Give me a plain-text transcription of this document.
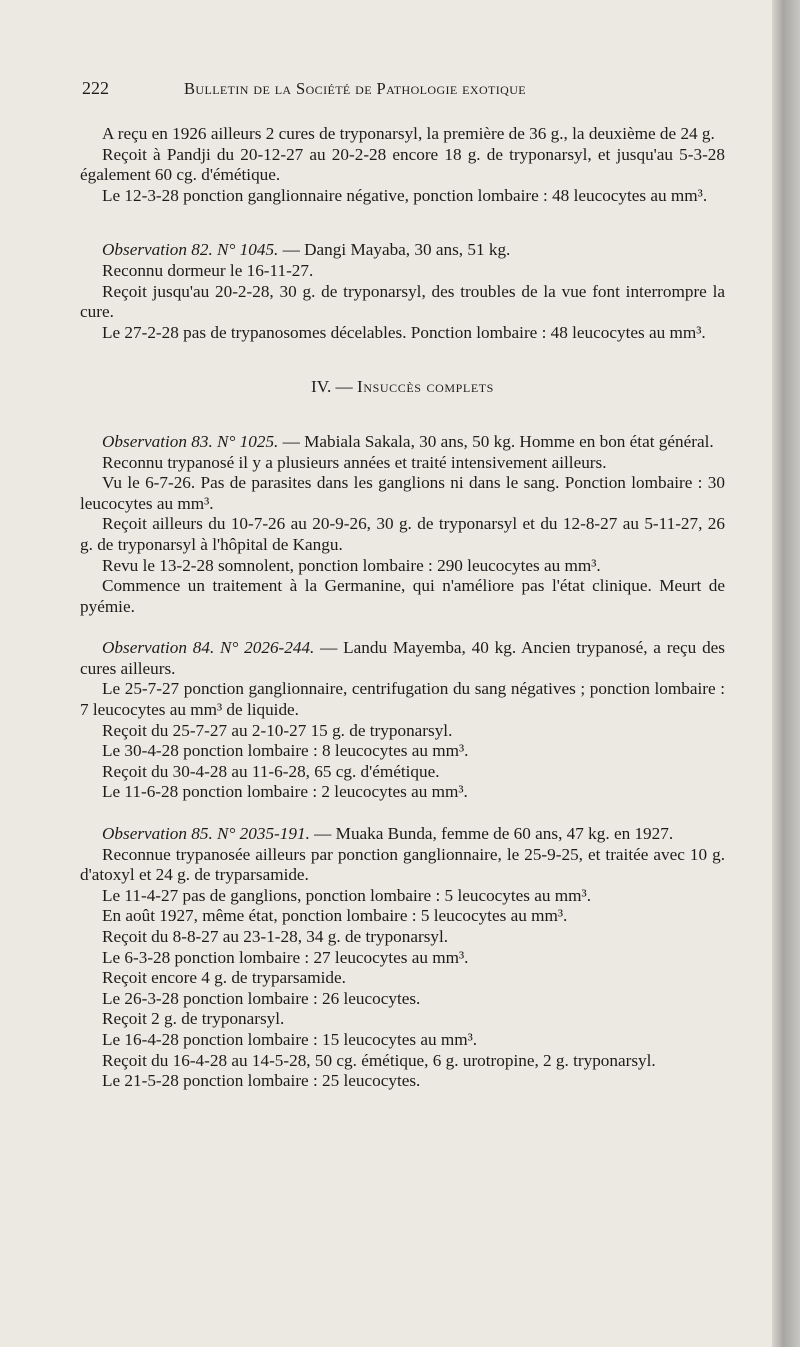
222	Bulletin de la Société de Pathologie exotique

A reçu en 1926 ailleurs 2 cures de tryponarsyl, la première de 36 g., la deuxième de 24 g.

Reçoit à Pandji du 20-12-27 au 20-2-28 encore 18 g. de tryponarsyl, et jusqu'au 5-3-28 également 60 cg. d'émétique.

Le 12-3-28 ponction ganglionnaire négative, ponction lombaire : 48 leucocytes au mm³.

Observation 82. N° 1045. — Dangi Mayaba, 30 ans, 51 kg.

Reconnu dormeur le 16-11-27.

Reçoit jusqu'au 20-2-28, 30 g. de tryponarsyl, des troubles de la vue font interrompre la cure.

Le 27-2-28 pas de trypanosomes décelables. Ponction lombaire : 48 leucocytes au mm³.

IV. — Insuccès complets

Observation 83. N° 1025. — Mabiala Sakala, 30 ans, 50 kg. Homme en bon état général.

Reconnu trypanosé il y a plusieurs années et traité intensivement ailleurs.

Vu le 6-7-26. Pas de parasites dans les ganglions ni dans le sang. Ponction lombaire : 30 leucocytes au mm³.

Reçoit ailleurs du 10-7-26 au 20-9-26, 30 g. de tryponarsyl et du 12-8-27 au 5-11-27, 26 g. de tryponarsyl à l'hôpital de Kangu.

Revu le 13-2-28 somnolent, ponction lombaire : 290 leucocytes au mm³.

Commence un traitement à la Germanine, qui n'améliore pas l'état clinique. Meurt de pyémie.

Observation 84. N° 2026-244. — Landu Mayemba, 40 kg. Ancien trypanosé, a reçu des cures ailleurs.

Le 25-7-27 ponction ganglionnaire, centrifugation du sang négatives ; ponction lombaire : 7 leucocytes au mm³ de liquide.

Reçoit du 25-7-27 au 2-10-27 15 g. de tryponarsyl.

Le 30-4-28 ponction lombaire : 8 leucocytes au mm³.

Reçoit du 30-4-28 au 11-6-28, 65 cg. d'émétique.

Le 11-6-28 ponction lombaire : 2 leucocytes au mm³.

Observation 85. N° 2035-191. — Muaka Bunda, femme de 60 ans, 47 kg. en 1927.

Reconnue trypanosée ailleurs par ponction ganglionnaire, le 25-9-25, et traitée avec 10 g. d'atoxyl et 24 g. de tryparsamide.

Le 11-4-27 pas de ganglions, ponction lombaire : 5 leucocytes au mm³.

En août 1927, même état, ponction lombaire : 5 leucocytes au mm³.

Reçoit du 8-8-27 au 23-1-28, 34 g. de tryponarsyl.

Le 6-3-28 ponction lombaire : 27 leucocytes au mm³.

Reçoit encore 4 g. de tryparsamide.

Le 26-3-28 ponction lombaire : 26 leucocytes.

Reçoit 2 g. de tryponarsyl.

Le 16-4-28 ponction lombaire : 15 leucocytes au mm³.

Reçoit du 16-4-28 au 14-5-28, 50 cg. émétique, 6 g. urotropine, 2 g. tryponarsyl.

Le 21-5-28 ponction lombaire : 25 leucocytes.
